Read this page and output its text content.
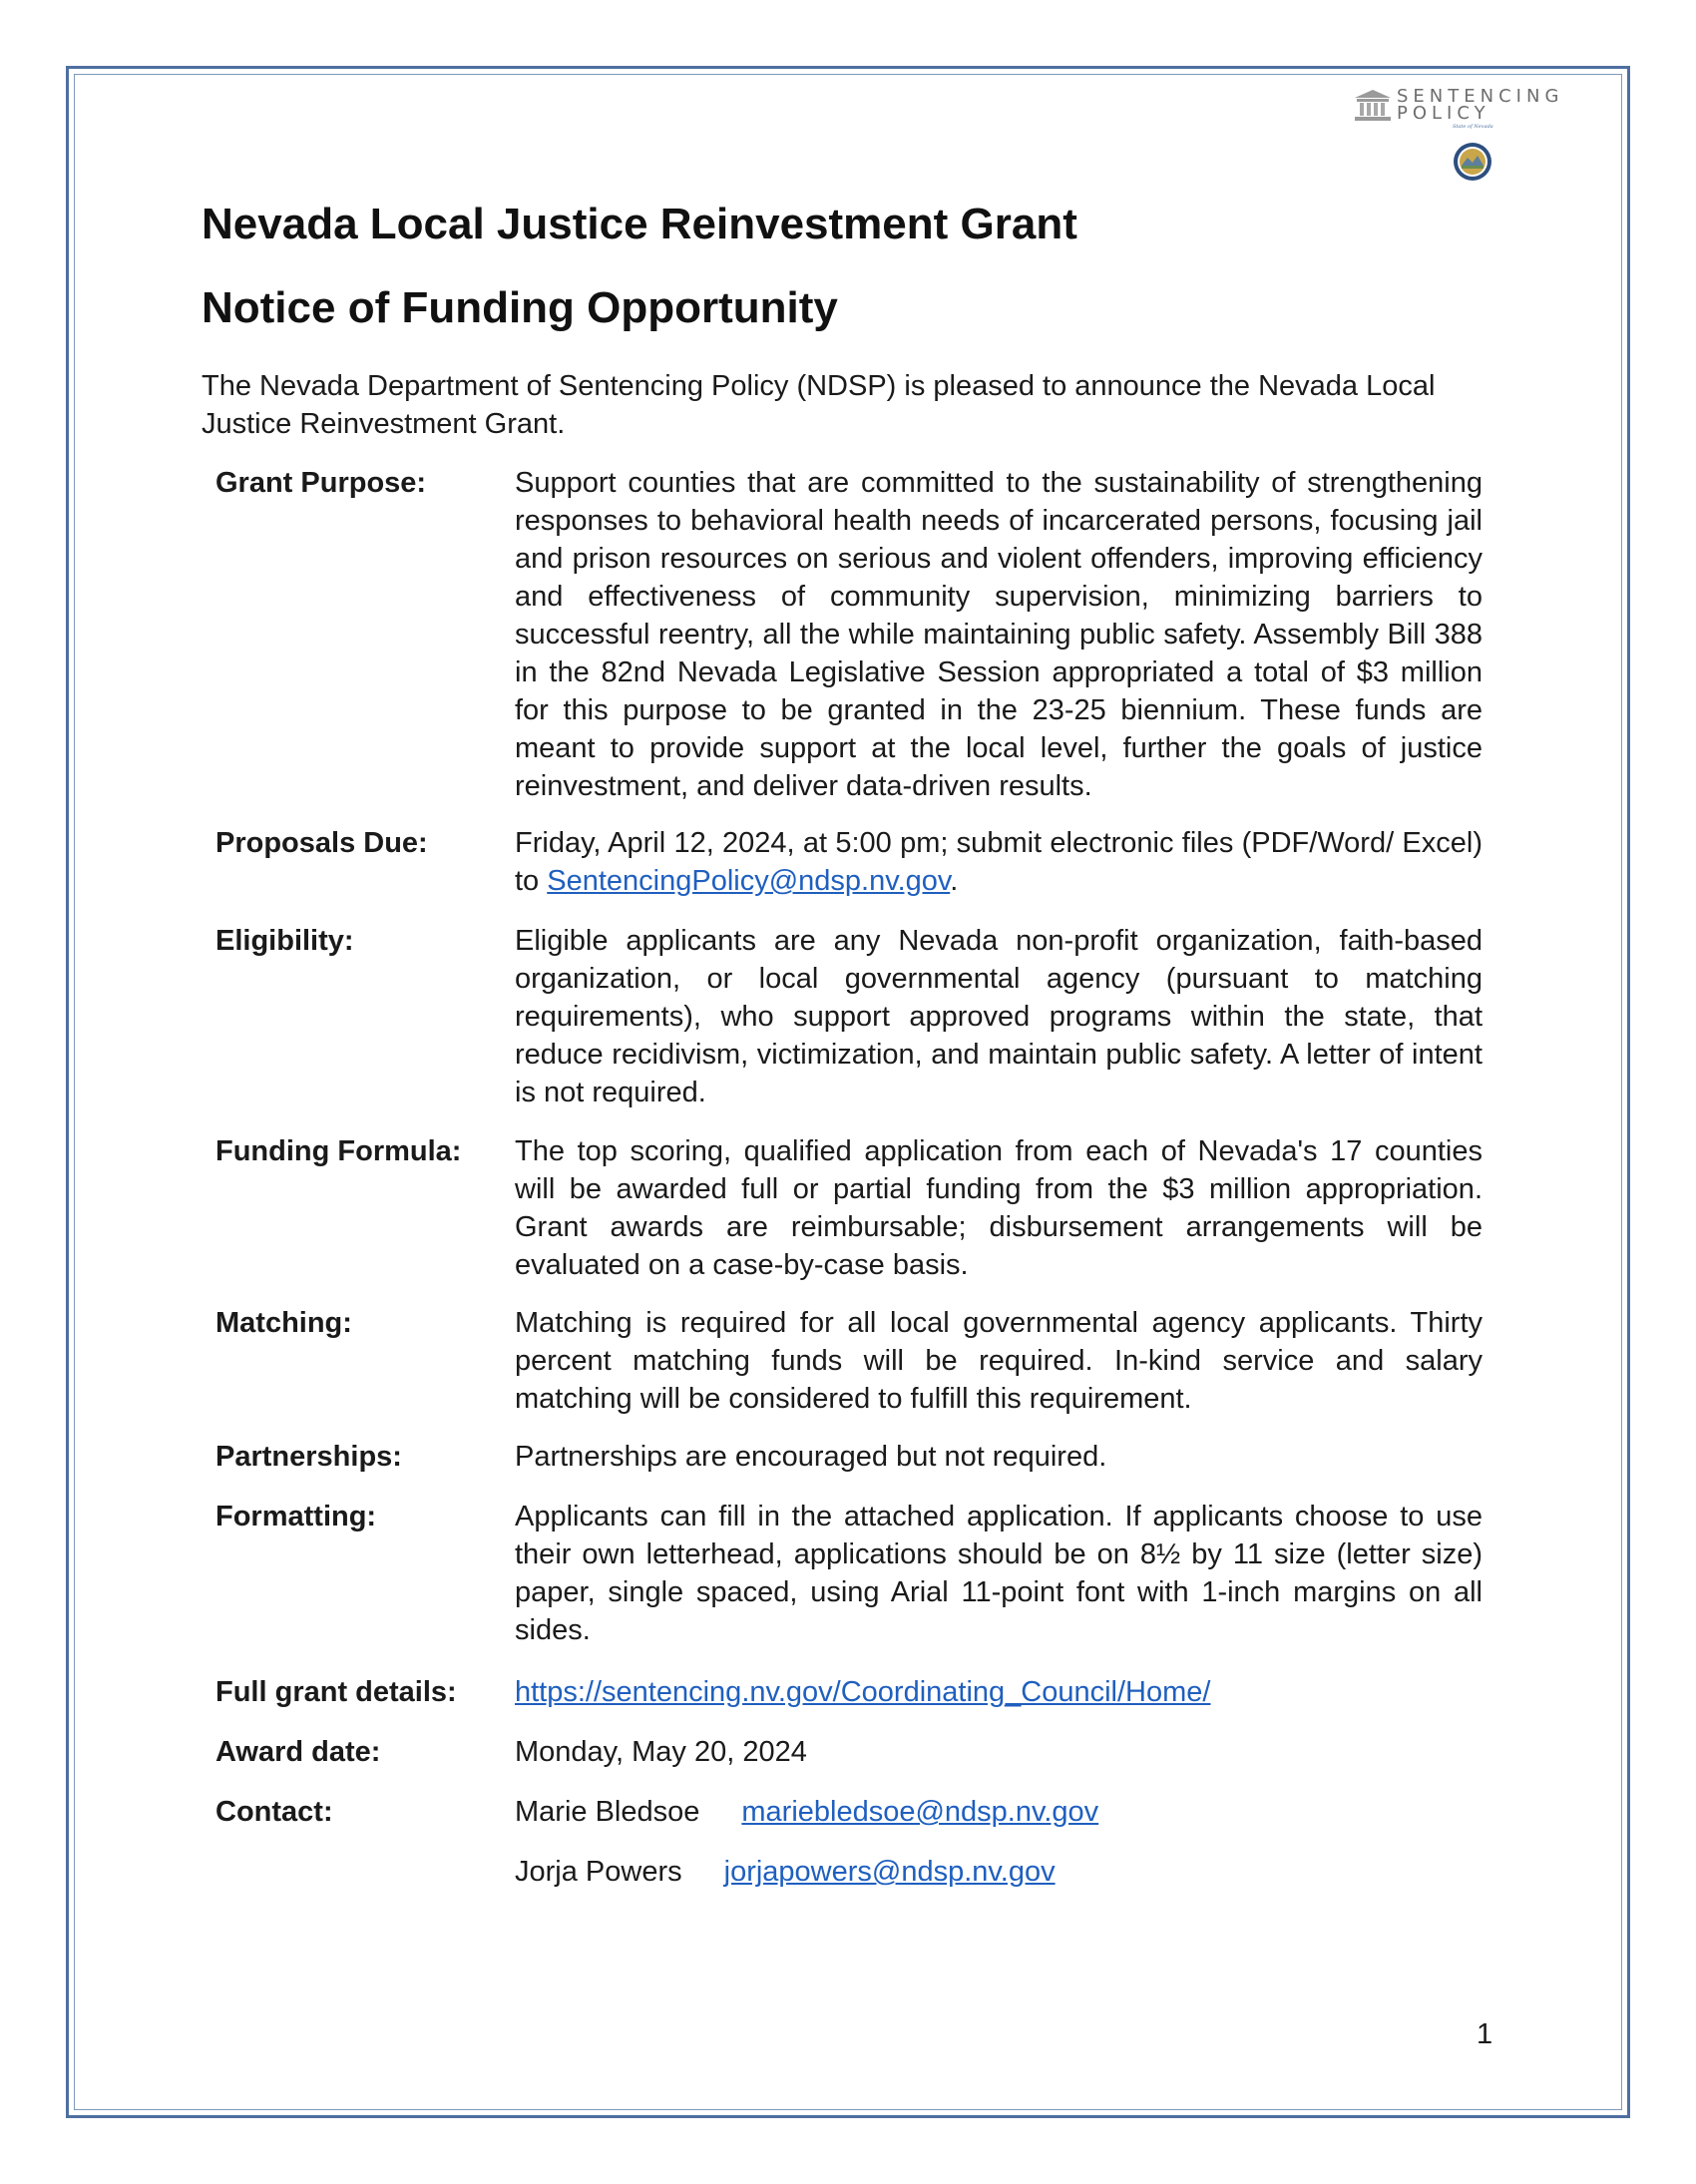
SENTENCING
POLICY
State of Nevada
Nevada Local Justice Reinvestment Grant
Notice of Funding Opportunity

The Nevada Department of Sentencing Policy (NDSP) is pleased to announce the Nevada Local Justice Reinvestment Grant.

Grant Purpose:	Support counties that are committed to the sustainability of strengthening responses to behavioral health needs of incarcerated persons, focusing jail and prison resources on serious and violent offenders, improving efficiency and effectiveness of community supervision, minimizing barriers to successful reentry, all the while maintaining public safety. Assembly Bill 388 in the 82nd Nevada Legislative Session appropriated a total of $3 million for this purpose to be granted in the 23-25 biennium. These funds are meant to provide support at the local level, further the goals of justice reinvestment, and deliver data-driven results.
Proposals Due:	Friday, April 12, 2024, at 5:00 pm; submit electronic files (PDF/Word/ Excel) to SentencingPolicy@ndsp.nv.gov.
Eligibility:	Eligible applicants are any Nevada non-profit organization, faith-based organization, or local governmental agency (pursuant to matching requirements), who support approved programs within the state, that reduce recidivism, victimization, and maintain public safety. A letter of intent is not required.
Funding Formula:	The top scoring, qualified application from each of Nevada's 17 counties will be awarded full or partial funding from the $3 million appropriation. Grant awards are reimbursable; disbursement arrangements will be evaluated on a case-by-case basis.
Matching:	Matching is required for all local governmental agency applicants. Thirty percent matching funds will be required. In-kind service and salary matching will be considered to fulfill this requirement.
Partnerships:	Partnerships are encouraged but not required.
Formatting:	Applicants can fill in the attached application. If applicants choose to use their own letterhead, applications should be on 8½ by 11 size (letter size) paper, single spaced, using Arial 11-point font with 1-inch margins on all sides.
Full grant details:	https://sentencing.nv.gov/Coordinating_Council/Home/
Award date:	Monday, May 20, 2024
Contact:	Marie Bledsoe mariebledsoe@ndsp.nv.gov
Jorja Powers jorjapowers@ndsp.nv.gov
1
